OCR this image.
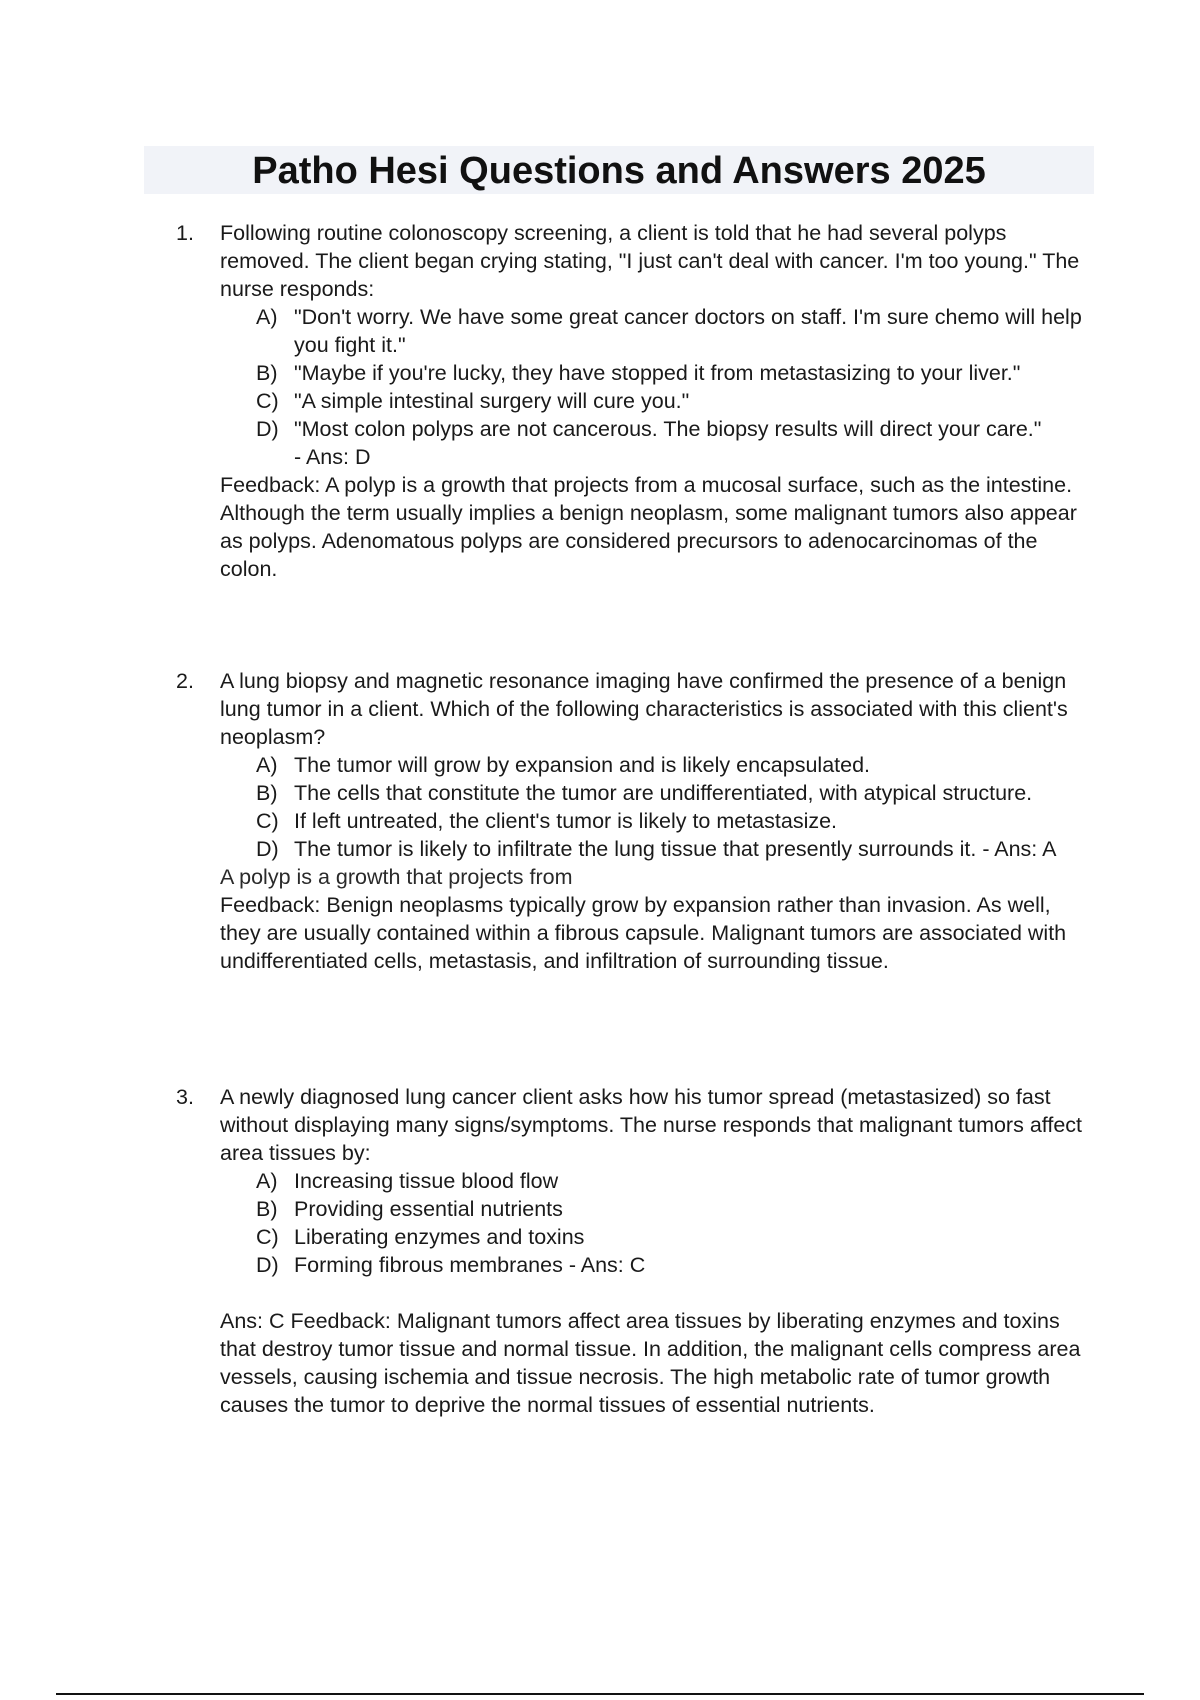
Patho Hesi Questions and Answers 2025
1.	Following routine colonoscopy screening, a client is told that he had several polyps removed. The client began crying stating, "I just can't deal with cancer. I'm too young." The nurse responds:
A) "Don't worry. We have some great cancer doctors on staff. I'm sure chemo will help you fight it."
B) "Maybe if you're lucky, they have stopped it from metastasizing to your liver."
C) "A simple intestinal surgery will cure you."
D) "Most colon polyps are not cancerous. The biopsy results will direct your care."
- Ans: D
Feedback: A polyp is a growth that projects from a mucosal surface, such as the intestine. Although the term usually implies a benign neoplasm, some malignant tumors also appear as polyps. Adenomatous polyps are considered precursors to adenocarcinomas of the colon.
2.	A lung biopsy and magnetic resonance imaging have confirmed the presence of a benign lung tumor in a client. Which of the following characteristics is associated with this client's neoplasm?
A) The tumor will grow by expansion and is likely encapsulated.
B) The cells that constitute the tumor are undifferentiated, with atypical structure.
C) If left untreated, the client's tumor is likely to metastasize.
D) The tumor is likely to infiltrate the lung tissue that presently surrounds it. - Ans: A
A polyp is a growth that projects from
Feedback: Benign neoplasms typically grow by expansion rather than invasion. As well, they are usually contained within a fibrous capsule. Malignant tumors are associated with undifferentiated cells, metastasis, and infiltration of surrounding tissue.
3.	A newly diagnosed lung cancer client asks how his tumor spread (metastasized) so fast without displaying many signs/symptoms. The nurse responds that malignant tumors affect area tissues by:
A) Increasing tissue blood flow
B) Providing essential nutrients
C) Liberating enzymes and toxins
D) Forming fibrous membranes - Ans: C
Ans: C Feedback: Malignant tumors affect area tissues by liberating enzymes and toxins that destroy tumor tissue and normal tissue. In addition, the malignant cells compress area vessels, causing ischemia and tissue necrosis. The high metabolic rate of tumor growth causes the tumor to deprive the normal tissues of essential nutrients.
